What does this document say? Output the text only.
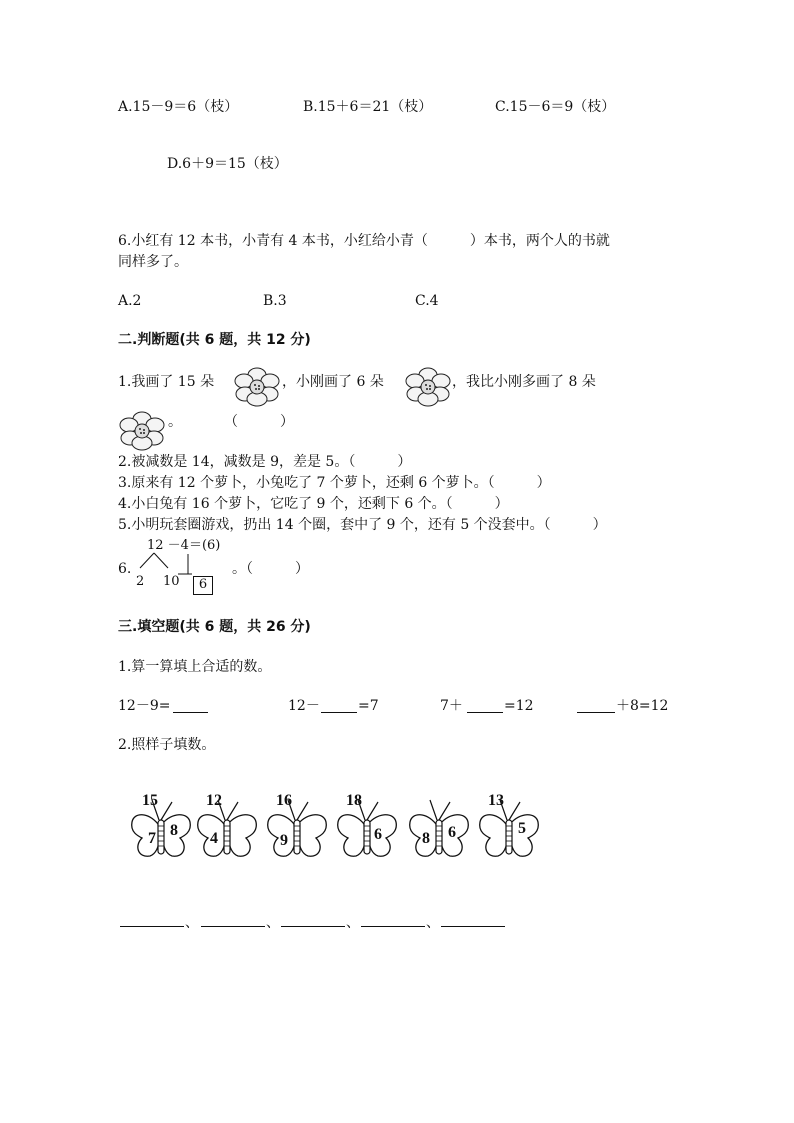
A.15－9＝6（枝）	B.15＋6＝21（枝）	C.15－6＝9（枝）
D.6＋9＝15（枝）
6.小红有 12 本书，小青有 4 本书，小红给小青（　　　）本书，两个人的书就
同样多了。
A.2	B.3	C.4
二.判断题(共 6 题，共 12 分)
1.我画了 15 朵	，小刚画了 6 朵	，我比小刚多画了 8 朵
。　　　　（　　　）
2.被减数是 14，减数是 9，差是 5。（　　　）
3.原来有 12 个萝卜，小兔吃了 7 个萝卜，还剩 6 个萝卜。（　　　）
4.小白兔有 16 个萝卜，它吃了 9 个，还剩下 6 个。（　　　）
5.小明玩套圈游戏，扔出 14 个圈，套中了 9 个，还有 5 个没套中。（　　　）
12 －4＝(6)
6.
2 10	6
。（　　　）
三.填空题(共 6 题，共 26 分)
1.算一算填上合适的数。
12－9=	12－	=7	7＋	=12	＋8=12
2.照样子填数。
15
7 8
12
4
16
9
18
6	8 6
13
5
、	、	、	、
